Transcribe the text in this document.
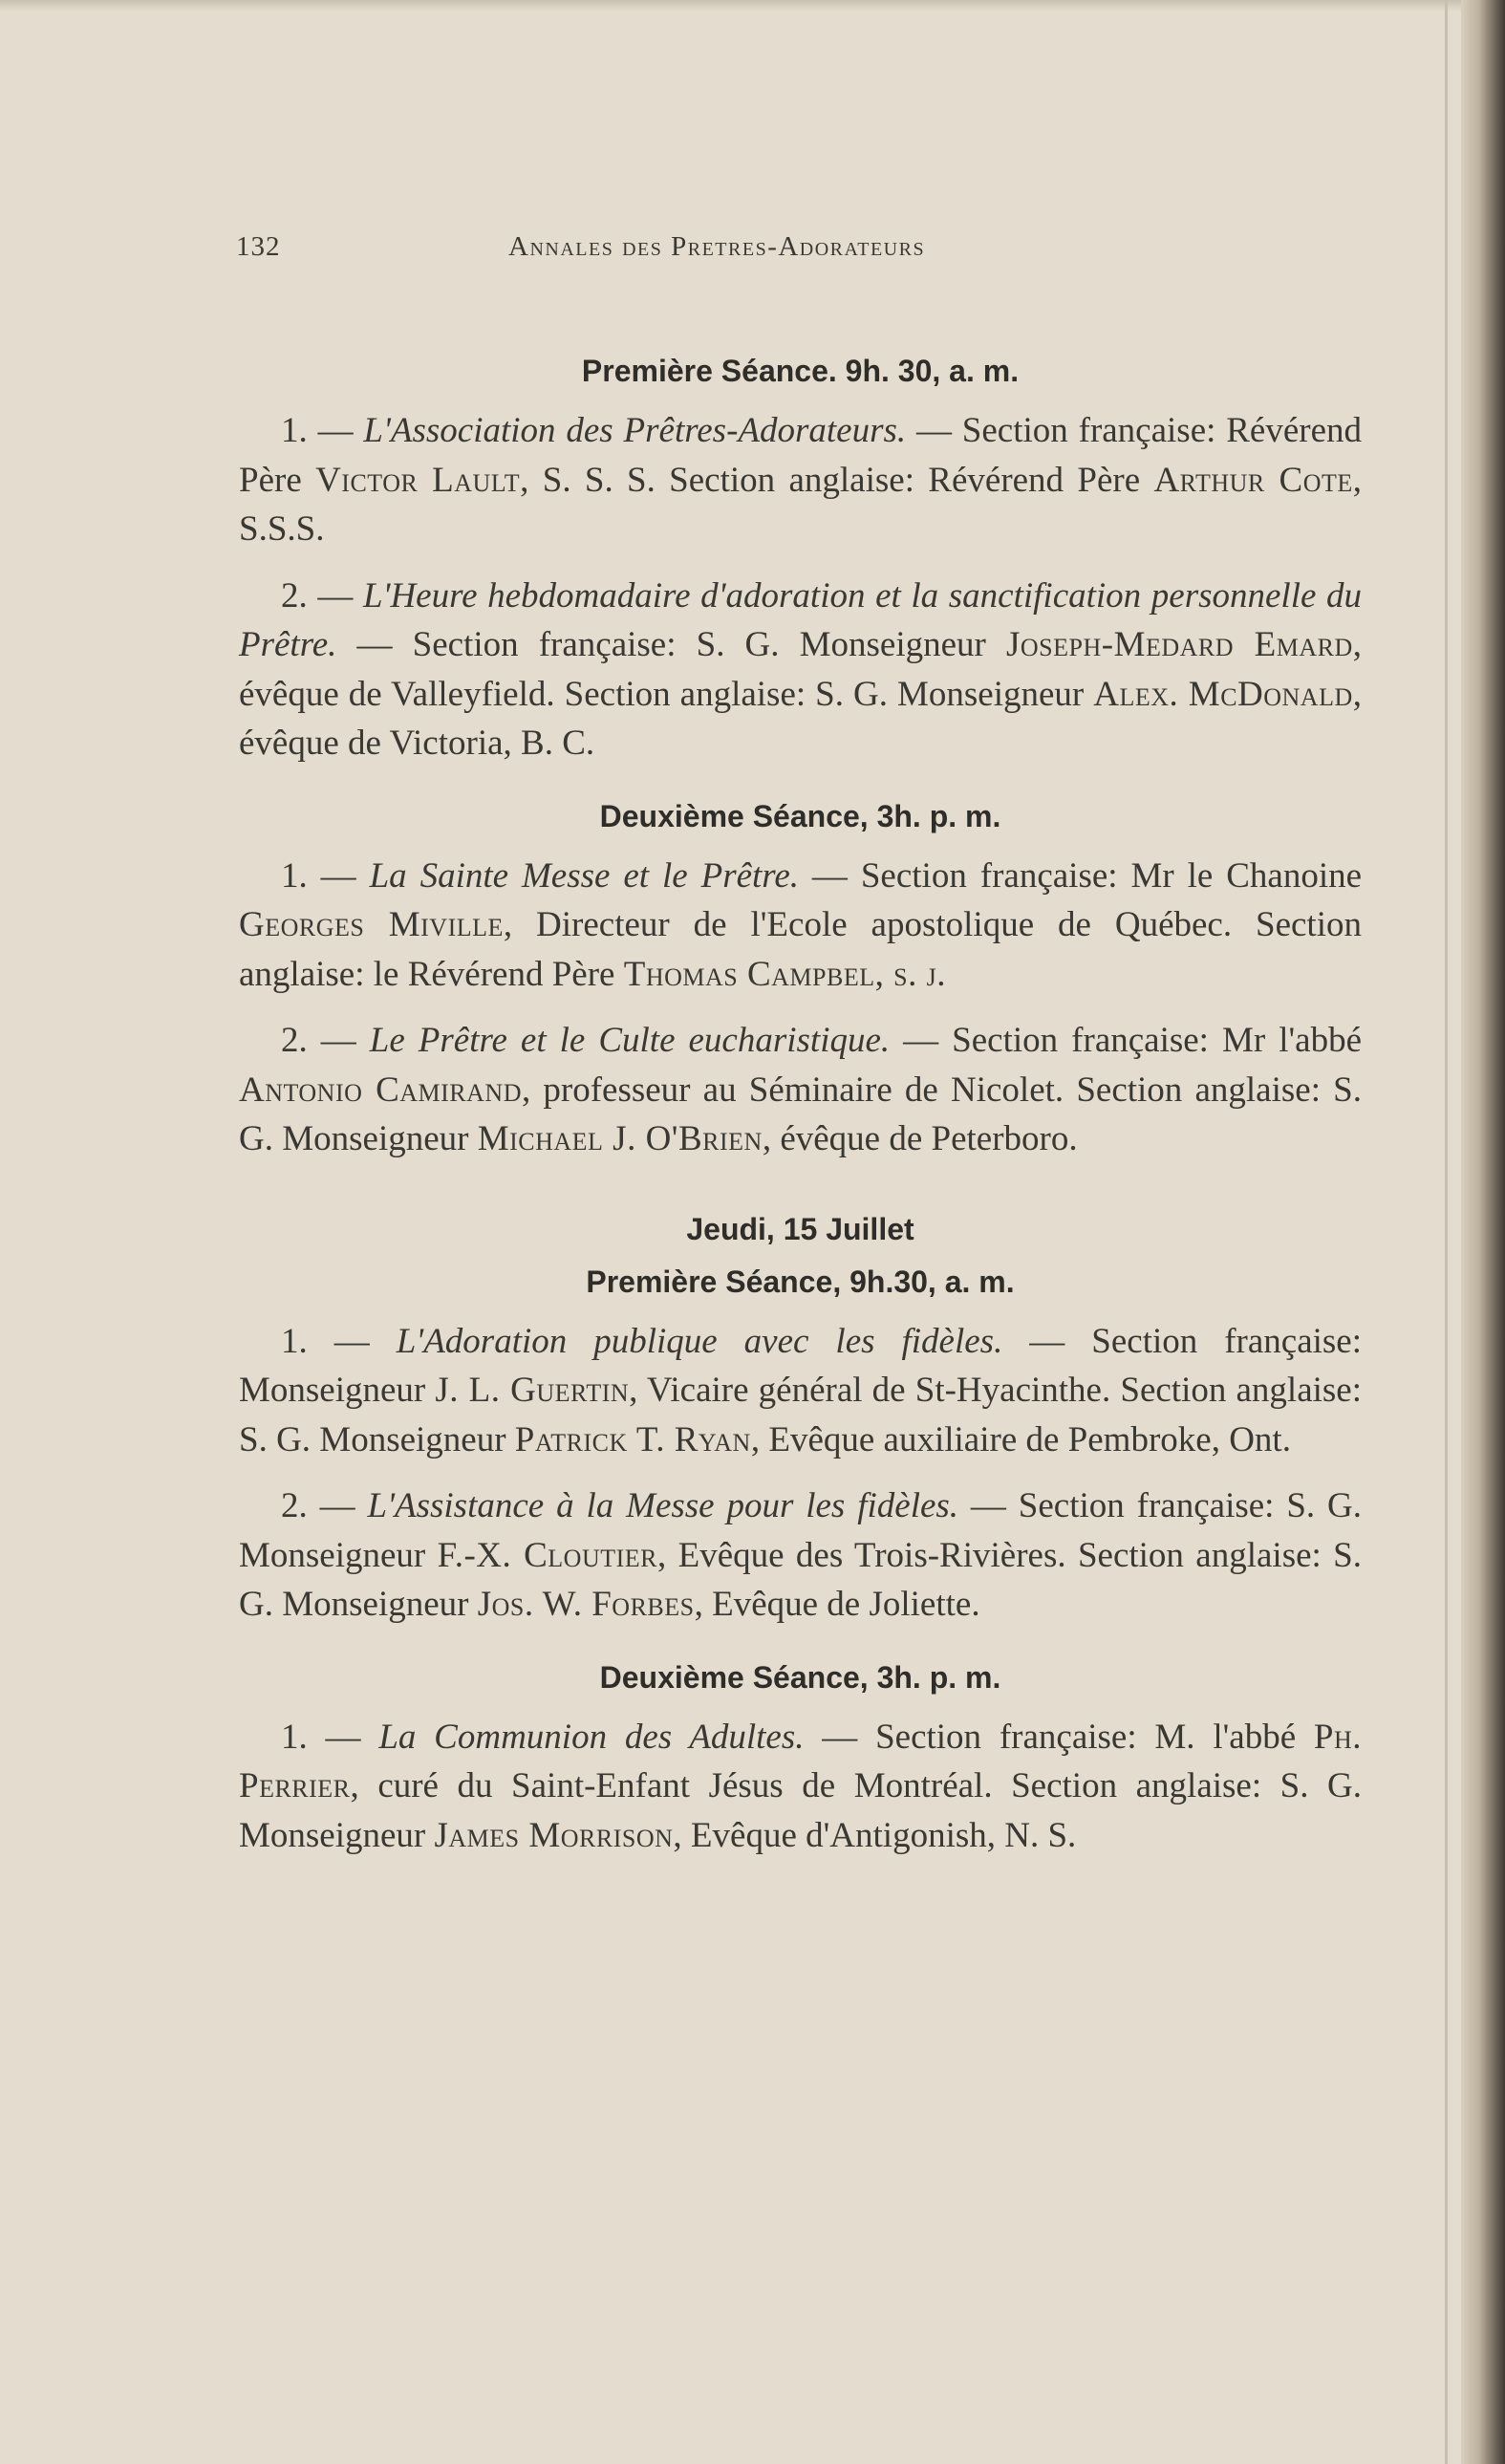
132	Annales des Pretres-Adorateurs
Première Séance. 9h. 30, a. m.

1. — L'Association des Prêtres-Adorateurs. — Section française: Révérend Père Victor Lault, S. S. S. Section anglaise: Révérend Père Arthur Cote, S.S.S.

2. — L'Heure hebdomadaire d'adoration et la sanctification personnelle du Prêtre. — Section française: S. G. Monseigneur Joseph-Medard Emard, évêque de Valleyfield. Section anglaise: S. G. Monseigneur Alex. McDonald, évêque de Victoria, B. C.

Deuxième Séance, 3h. p. m.

1. — La Sainte Messe et le Prêtre. — Section française: Mr le Chanoine Georges Miville, Directeur de l'Ecole apostolique de Québec. Section anglaise: le Révérend Père Thomas Campbel, s. j.

2. — Le Prêtre et le Culte eucharistique. — Section française: Mr l'abbé Antonio Camirand, professeur au Séminaire de Nicolet. Section anglaise: S. G. Monseigneur Michael J. O'Brien, évêque de Peterboro.

Jeudi, 15 Juillet
Première Séance, 9h.30, a. m.

1. — L'Adoration publique avec les fidèles. — Section française: Monseigneur J. L. Guertin, Vicaire général de St-Hyacinthe. Section anglaise: S. G. Monseigneur Patrick T. Ryan, Evêque auxiliaire de Pembroke, Ont.

2. — L'Assistance à la Messe pour les fidèles. — Section française: S. G. Monseigneur F.-X. Cloutier, Evêque des Trois-Rivières. Section anglaise: S. G. Monseigneur Jos. W. Forbes, Evêque de Joliette.

Deuxième Séance, 3h. p. m.

1. — La Communion des Adultes. — Section française: M. l'abbé Ph. Perrier, curé du Saint-Enfant Jésus de Montréal. Section anglaise: S. G. Monseigneur James Morrison, Evêque d'Antigonish, N. S.
